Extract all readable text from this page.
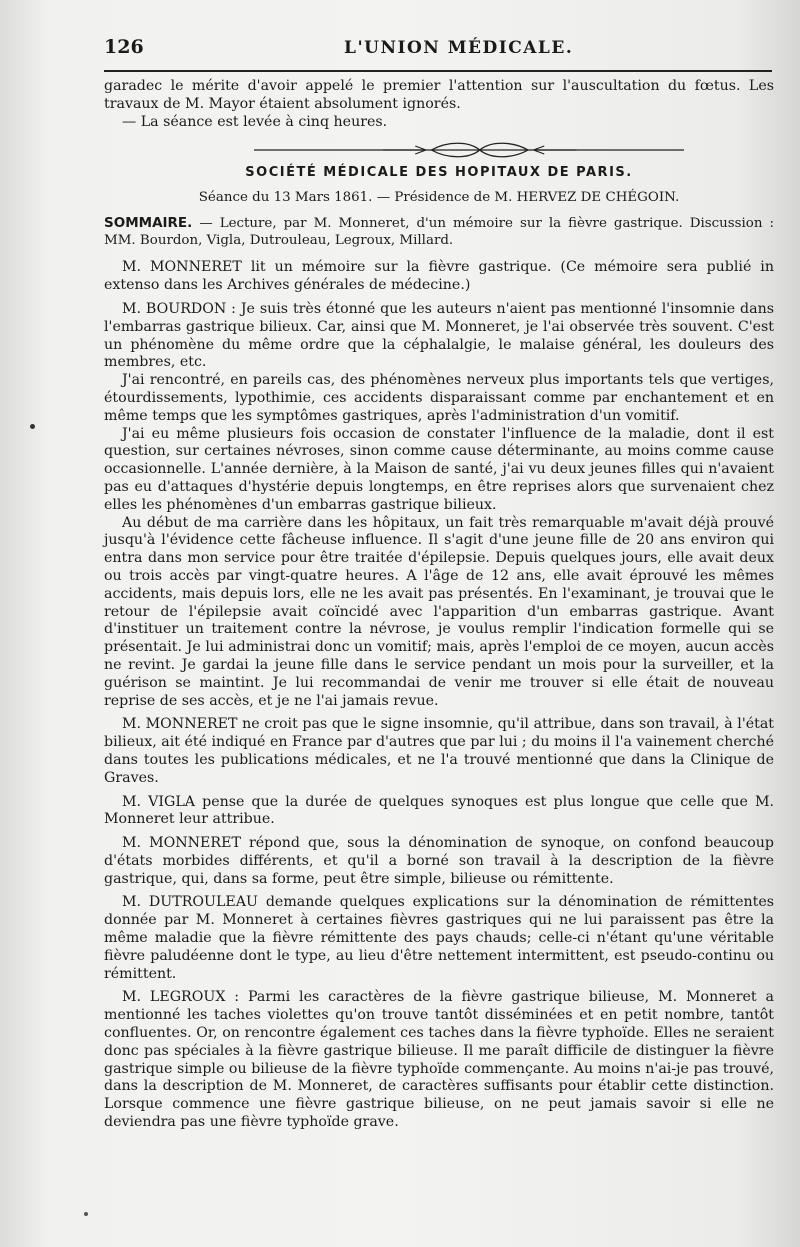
126	L'UNION MÉDICALE.

garadec le mérite d'avoir appelé le premier l'attention sur l'auscultation du fœtus. Les travaux de M. Mayor étaient absolument ignorés.

— La séance est levée à cinq heures.

SOCIÉTÉ MÉDICALE DES HOPITAUX DE PARIS.
Séance du 13 Mars 1861. — Présidence de M. HERVEZ DE CHÉGOIN.
SOMMAIRE. — Lecture, par M. Monneret, d'un mémoire sur la fièvre gastrique. Discussion : MM. Bourdon, Vigla, Dutrouleau, Legroux, Millard.

M. MONNERET lit un mémoire sur la fièvre gastrique. (Ce mémoire sera publié in extenso dans les Archives générales de médecine.)

M. BOURDON : Je suis très étonné que les auteurs n'aient pas mentionné l'insomnie dans l'embarras gastrique bilieux. Car, ainsi que M. Monneret, je l'ai observée très souvent. C'est un phénomène du même ordre que la céphalalgie, le malaise général, les douleurs des membres, etc.

J'ai rencontré, en pareils cas, des phénomènes nerveux plus importants tels que vertiges, étourdissements, lypothimie, ces accidents disparaissant comme par enchantement et en même temps que les symptômes gastriques, après l'administration d'un vomitif.

J'ai eu même plusieurs fois occasion de constater l'influence de la maladie, dont il est question, sur certaines névroses, sinon comme cause déterminante, au moins comme cause occasionnelle. L'année dernière, à la Maison de santé, j'ai vu deux jeunes filles qui n'avaient pas eu d'attaques d'hystérie depuis longtemps, en être reprises alors que survenaient chez elles les phénomènes d'un embarras gastrique bilieux.

Au début de ma carrière dans les hôpitaux, un fait très remarquable m'avait déjà prouvé jusqu'à l'évidence cette fâcheuse influence. Il s'agit d'une jeune fille de 20 ans environ qui entra dans mon service pour être traitée d'épilepsie. Depuis quelques jours, elle avait deux ou trois accès par vingt-quatre heures. A l'âge de 12 ans, elle avait éprouvé les mêmes accidents, mais depuis lors, elle ne les avait pas présentés. En l'examinant, je trouvai que le retour de l'épilepsie avait coïncidé avec l'apparition d'un embarras gastrique. Avant d'instituer un traitement contre la névrose, je voulus remplir l'indication formelle qui se présentait. Je lui administrai donc un vomitif; mais, après l'emploi de ce moyen, aucun accès ne revint. Je gardai la jeune fille dans le service pendant un mois pour la surveiller, et la guérison se maintint. Je lui recommandai de venir me trouver si elle était de nouveau reprise de ses accès, et je ne l'ai jamais revue.

M. MONNERET ne croit pas que le signe insomnie, qu'il attribue, dans son travail, à l'état bilieux, ait été indiqué en France par d'autres que par lui ; du moins il l'a vainement cherché dans toutes les publications médicales, et ne l'a trouvé mentionné que dans la Clinique de Graves.

M. VIGLA pense que la durée de quelques synoques est plus longue que celle que M. Monneret leur attribue.

M. MONNERET répond que, sous la dénomination de synoque, on confond beaucoup d'états morbides différents, et qu'il a borné son travail à la description de la fièvre gastrique, qui, dans sa forme, peut être simple, bilieuse ou rémittente.

M. DUTROULEAU demande quelques explications sur la dénomination de rémittentes donnée par M. Monneret à certaines fièvres gastriques qui ne lui paraissent pas être la même maladie que la fièvre rémittente des pays chauds; celle-ci n'étant qu'une véritable fièvre paludéenne dont le type, au lieu d'être nettement intermittent, est pseudo-continu ou rémittent.

M. LEGROUX : Parmi les caractères de la fièvre gastrique bilieuse, M. Monneret a mentionné les taches violettes qu'on trouve tantôt disséminées et en petit nombre, tantôt confluentes. Or, on rencontre également ces taches dans la fièvre typhoïde. Elles ne seraient donc pas spéciales à la fièvre gastrique bilieuse. Il me paraît difficile de distinguer la fièvre gastrique simple ou bilieuse de la fièvre typhoïde commençante. Au moins n'ai-je pas trouvé, dans la description de M. Monneret, de caractères suffisants pour établir cette distinction. Lorsque commence une fièvre gastrique bilieuse, on ne peut jamais savoir si elle ne deviendra pas une fièvre typhoïde grave.
